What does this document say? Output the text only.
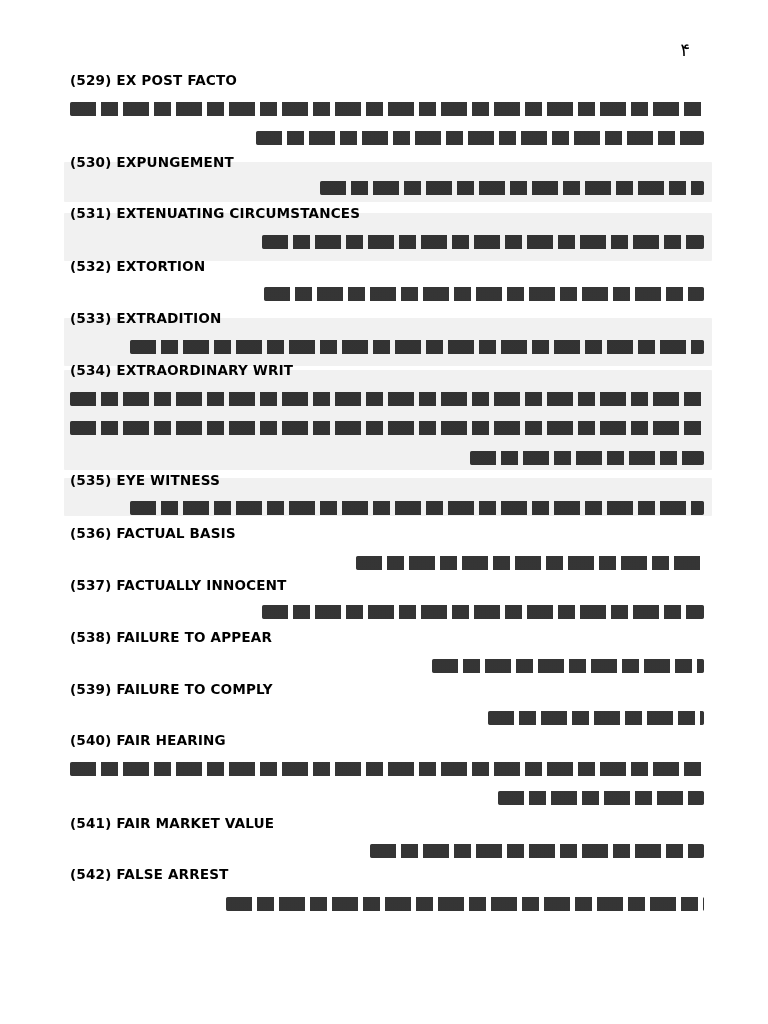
۴
(529) EX POST FACTO
(530) EXPUNGEMENT
(531) EXTENUATING CIRCUMSTANCES
(532) EXTORTION
(533) EXTRADITION
(534) EXTRAORDINARY WRIT
(535) EYE WITNESS
(536) FACTUAL BASIS
(537) FACTUALLY INNOCENT
(538) FAILURE TO APPEAR
(539) FAILURE TO COMPLY
(540) FAIR HEARING
(541) FAIR MARKET VALUE
(542) FALSE ARREST
